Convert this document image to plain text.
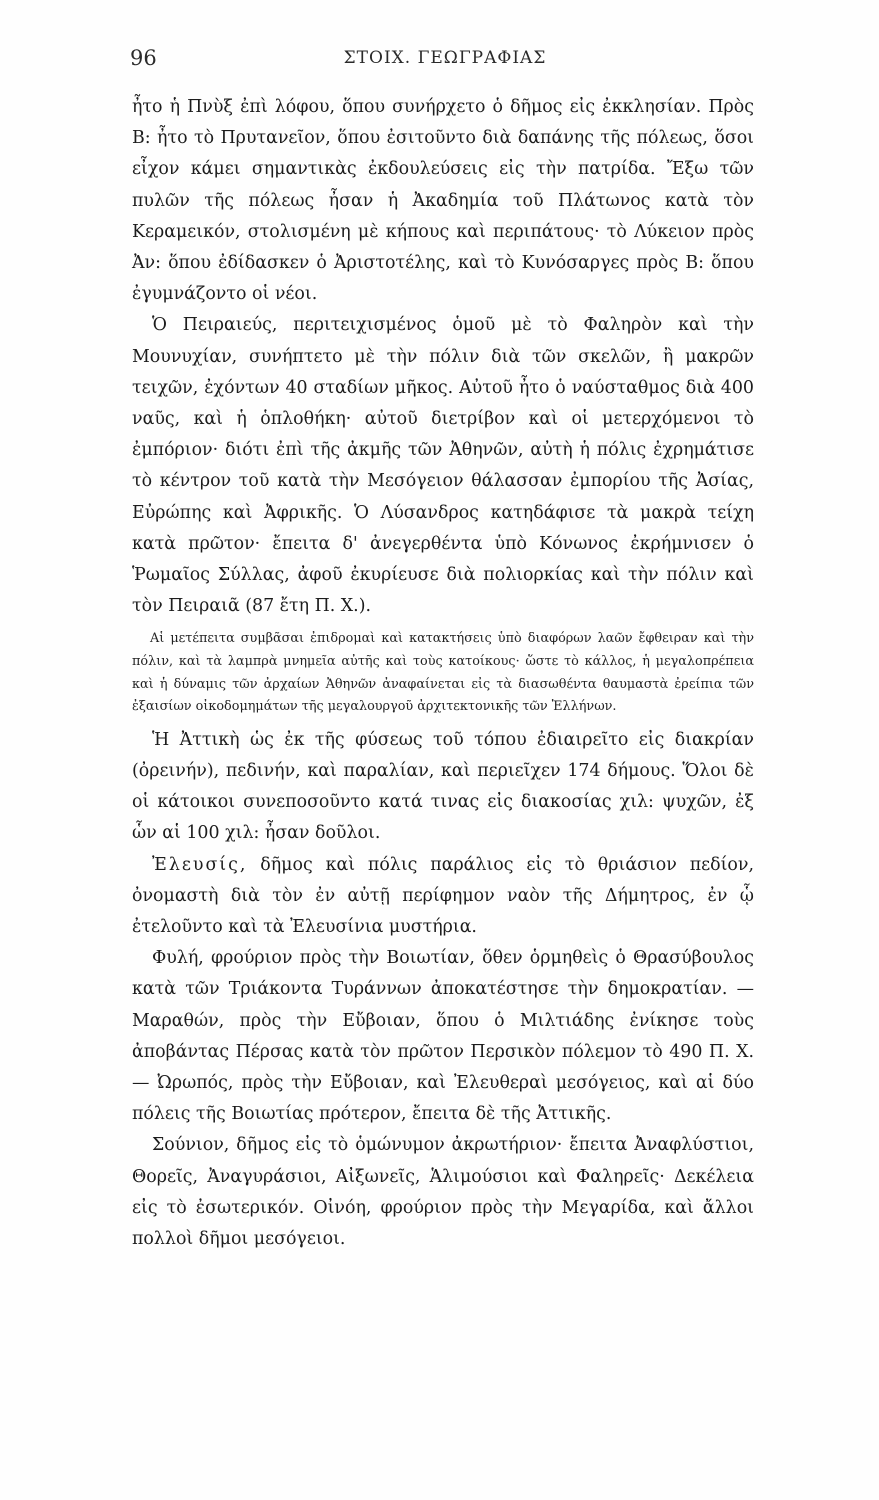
96	ΣΤΟΙΧ. ΓΕΩΓΡΑΦΙΑΣ

ἦτο ἡ Πνὺξ ἐπὶ λόφου, ὅπου συνήρχετο ὁ δῆμος εἰς ἐκκλησίαν. Πρὸς Β: ἦτο τὸ Πρυτανεῖον, ὅπου ἐσιτοῦντο διὰ δαπάνης τῆς πόλεως, ὅσοι εἶχον κάμει σημαντικὰς ἐκδουλεύσεις εἰς τὴν πατρίδα. Ἔξω τῶν πυλῶν τῆς πόλεως ἦσαν ἡ Ἀκαδημία τοῦ Πλάτωνος κατὰ τὸν Κεραμεικόν, στολισμένη μὲ κήπους καὶ περιπάτους· τὸ Λύκειον πρὸς Ἀν: ὅπου ἐδίδασκεν ὁ Ἀριστοτέλης, καὶ τὸ Κυνόσαργες πρὸς Β: ὅπου ἐγυμνάζοντο οἱ νέοι.

Ὁ Πειραιεύς, περιτειχισμένος ὁμοῦ μὲ τὸ Φαληρὸν καὶ τὴν Μουνυχίαν, συνήπτετο μὲ τὴν πόλιν διὰ τῶν σκελῶν, ἢ μακρῶν τειχῶν, ἐχόντων 40 σταδίων μῆκος. Αὐτοῦ ἦτο ὁ ναύσταθμος διὰ 400 ναῦς, καὶ ἡ ὁπλοθήκη· αὐτοῦ διετρίβον καὶ οἱ μετερχόμενοι τὸ ἐμπόριον· διότι ἐπὶ τῆς ἀκμῆς τῶν Ἀθηνῶν, αὐτὴ ἡ πόλις ἐχρημάτισε τὸ κέντρον τοῦ κατὰ τὴν Μεσόγειον θάλασσαν ἐμπορίου τῆς Ἀσίας, Εὐρώπης καὶ Ἀφρικῆς. Ὁ Λύσανδρος κατηδάφισε τὰ μακρὰ τείχη κατὰ πρῶτον· ἔπειτα δ' ἀνεγερθέντα ὑπὸ Κόνωνος ἐκρήμνισεν ὁ Ῥωμαῖος Σύλλας, ἀφοῦ ἐκυρίευσε διὰ πολιορκίας καὶ τὴν πόλιν καὶ τὸν Πειραιᾶ (87 ἔτη Π. Χ.).

Αἱ μετέπειτα συμβᾶσαι ἐπιδρομαὶ καὶ κατακτήσεις ὑπὸ διαφόρων λαῶν ἔφθειραν καὶ τὴν πόλιν, καὶ τὰ λαμπρὰ μνημεῖα αὐτῆς καὶ τοὺς κατοίκους· ὥστε τὸ κάλλος, ἡ μεγαλοπρέπεια καὶ ἡ δύναμις τῶν ἀρχαίων Ἀθηνῶν ἀναφαίνεται εἰς τὰ διασωθέντα θαυμαστὰ ἐρείπια τῶν ἐξαισίων οἰκοδομημάτων τῆς μεγαλουργοῦ ἀρχιτεκτονικῆς τῶν Ἑλλήνων.

Ἡ Ἀττικὴ ὡς ἐκ τῆς φύσεως τοῦ τόπου ἐδιαιρεῖτο εἰς διακρίαν (ὀρεινήν), πεδινήν, καὶ παραλίαν, καὶ περιεῖχεν 174 δήμους. Ὅλοι δὲ οἱ κάτοικοι συνεποσοῦντο κατά τινας εἰς διακοσίας χιλ: ψυχῶν, ἐξ ὧν αἱ 100 χιλ: ἦσαν δοῦλοι.

Ἐλευσίς, δῆμος καὶ πόλις παράλιος εἰς τὸ θριάσιον πεδίον, ὀνομαστὴ διὰ τὸν ἐν αὐτῇ περίφημον ναὸν τῆς Δήμητρος, ἐν ᾧ ἐτελοῦντο καὶ τὰ Ἐλευσίνια μυστήρια.

Φυλή, φρούριον πρὸς τὴν Βοιωτίαν, ὅθεν ὁρμηθεὶς ὁ Θρασύβουλος κατὰ τῶν Τριάκοντα Τυράννων ἀποκατέστησε τὴν δημοκρατίαν. — Μαραθών, πρὸς τὴν Εὔβοιαν, ὅπου ὁ Μιλτιάδης ἐνίκησε τοὺς ἀποβάντας Πέρσας κατὰ τὸν πρῶτον Περσικὸν πόλεμον τὸ 490 Π. Χ. — Ὠρωπός, πρὸς τὴν Εὔβοιαν, καὶ Ἐλευθεραὶ μεσόγειος, καὶ αἱ δύο πόλεις τῆς Βοιωτίας πρότερον, ἔπειτα δὲ τῆς Ἀττικῆς.

Σούνιον, δῆμος εἰς τὸ ὁμώνυμον ἀκρωτήριον· ἔπειτα Ἀναφλύστιοι, Θορεῖς, Ἀναγυράσιοι, Αἰξωνεῖς, Ἁλιμούσιοι καὶ Φαληρεῖς· Δεκέλεια εἰς τὸ ἐσωτερικόν. Οἰνόη, φρούριον πρὸς τὴν Μεγαρίδα, καὶ ἄλλοι πολλοὶ δῆμοι μεσόγειοι.
